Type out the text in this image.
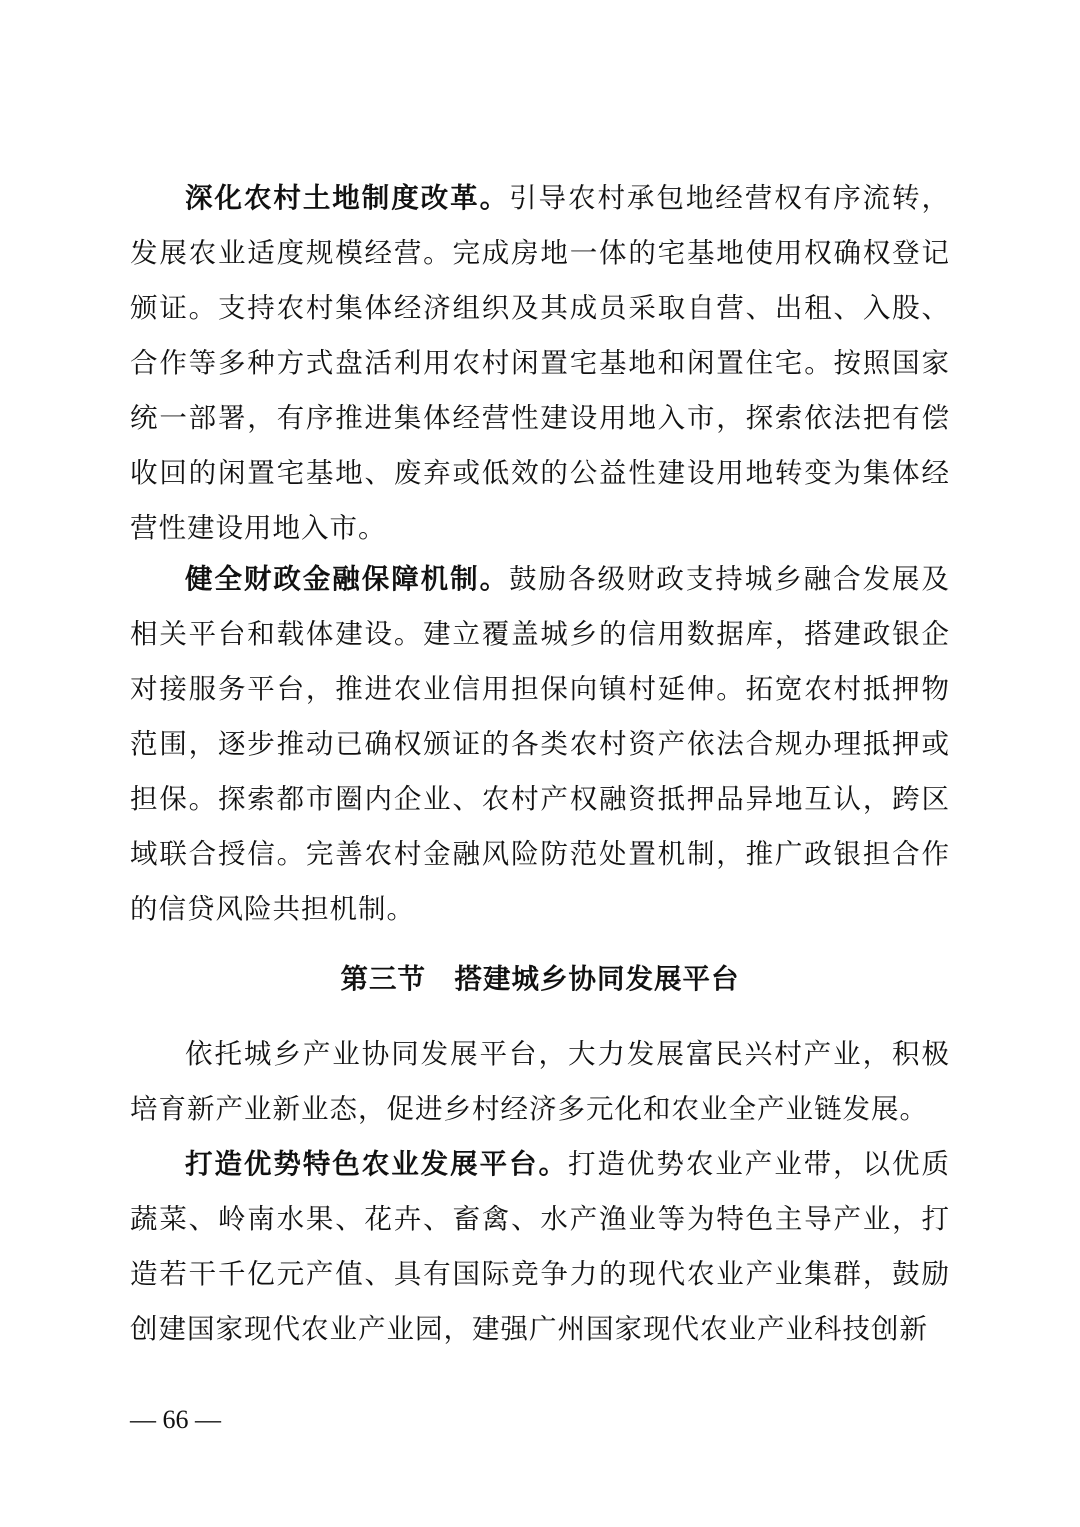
深化农村土地制度改革。引导农村承包地经营权有序流转，发展农业适度规模经营。完成房地一体的宅基地使用权确权登记颁证。支持农村集体经济组织及其成员采取自营、出租、入股、合作等多种方式盘活利用农村闲置宅基地和闲置住宅。按照国家统一部署，有序推进集体经营性建设用地入市，探索依法把有偿收回的闲置宅基地、废弃或低效的公益性建设用地转变为集体经营性建设用地入市。

健全财政金融保障机制。鼓励各级财政支持城乡融合发展及相关平台和载体建设。建立覆盖城乡的信用数据库，搭建政银企对接服务平台，推进农业信用担保向镇村延伸。拓宽农村抵押物范围，逐步推动已确权颁证的各类农村资产依法合规办理抵押或担保。探索都市圈内企业、农村产权融资抵押品异地互认，跨区域联合授信。完善农村金融风险防范处置机制，推广政银担合作的信贷风险共担机制。

第三节　搭建城乡协同发展平台

依托城乡产业协同发展平台，大力发展富民兴村产业，积极培育新产业新业态，促进乡村经济多元化和农业全产业链发展。

打造优势特色农业发展平台。打造优势农业产业带，以优质蔬菜、岭南水果、花卉、畜禽、水产渔业等为特色主导产业，打造若干千亿元产值、具有国际竞争力的现代农业产业集群，鼓励创建国家现代农业产业园，建强广州国家现代农业产业科技创新

— 66 —
